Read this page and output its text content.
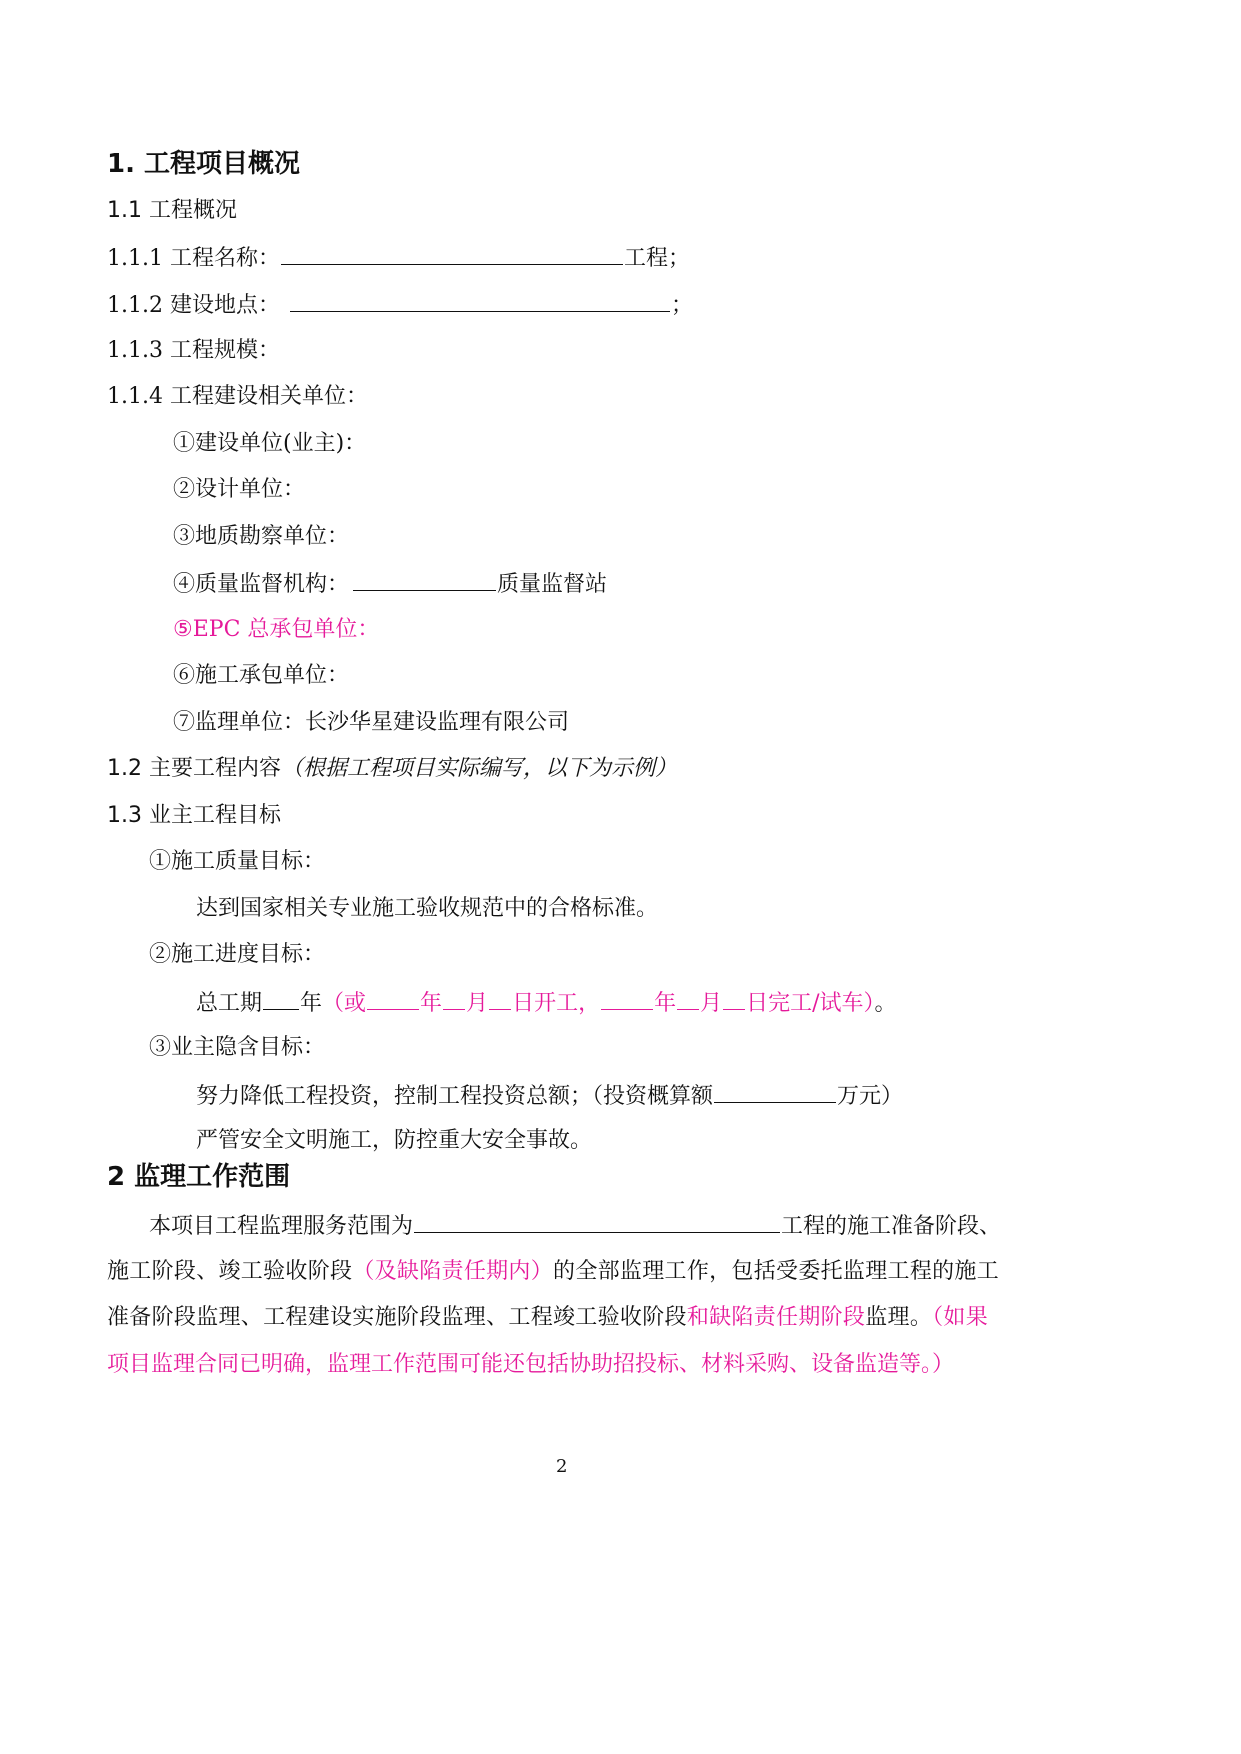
1. 工程项目概况
1.1 工程概况
1.1.1 工程名称：	工程；
1.1.2 建设地点：	；
1.1.3 工程规模：
1.1.4 工程建设相关单位：
①建设单位(业主)：
②设计单位：
③地质勘察单位：
④质量监督机构：	质量监督站
⑤EPC 总承包单位：
⑥施工承包单位：
⑦监理单位：长沙华星建设监理有限公司
1.2 主要工程内容（根据工程项目实际编写，以下为示例）
1.3 业主工程目标
①施工质量目标：
达到国家相关专业施工验收规范中的合格标准。
②施工进度目标：
总工期 年（或 年 月 日开工， 年 月 日完工/试车）。
③业主隐含目标：
努力降低工程投资，控制工程投资总额；（投资概算额	万元）
严管安全文明施工，防控重大安全事故。
2 监理工作范围
本项目工程监理服务范围为	工程的施工准备阶段、
施工阶段、竣工验收阶段（及缺陷责任期内）的全部监理工作，包括受委托监理工程的施工
准备阶段监理、工程建设实施阶段监理、工程竣工验收阶段和缺陷责任期阶段监理。（如果
项目监理合同已明确，监理工作范围可能还包括协助招投标、材料采购、设备监造等。）
2
